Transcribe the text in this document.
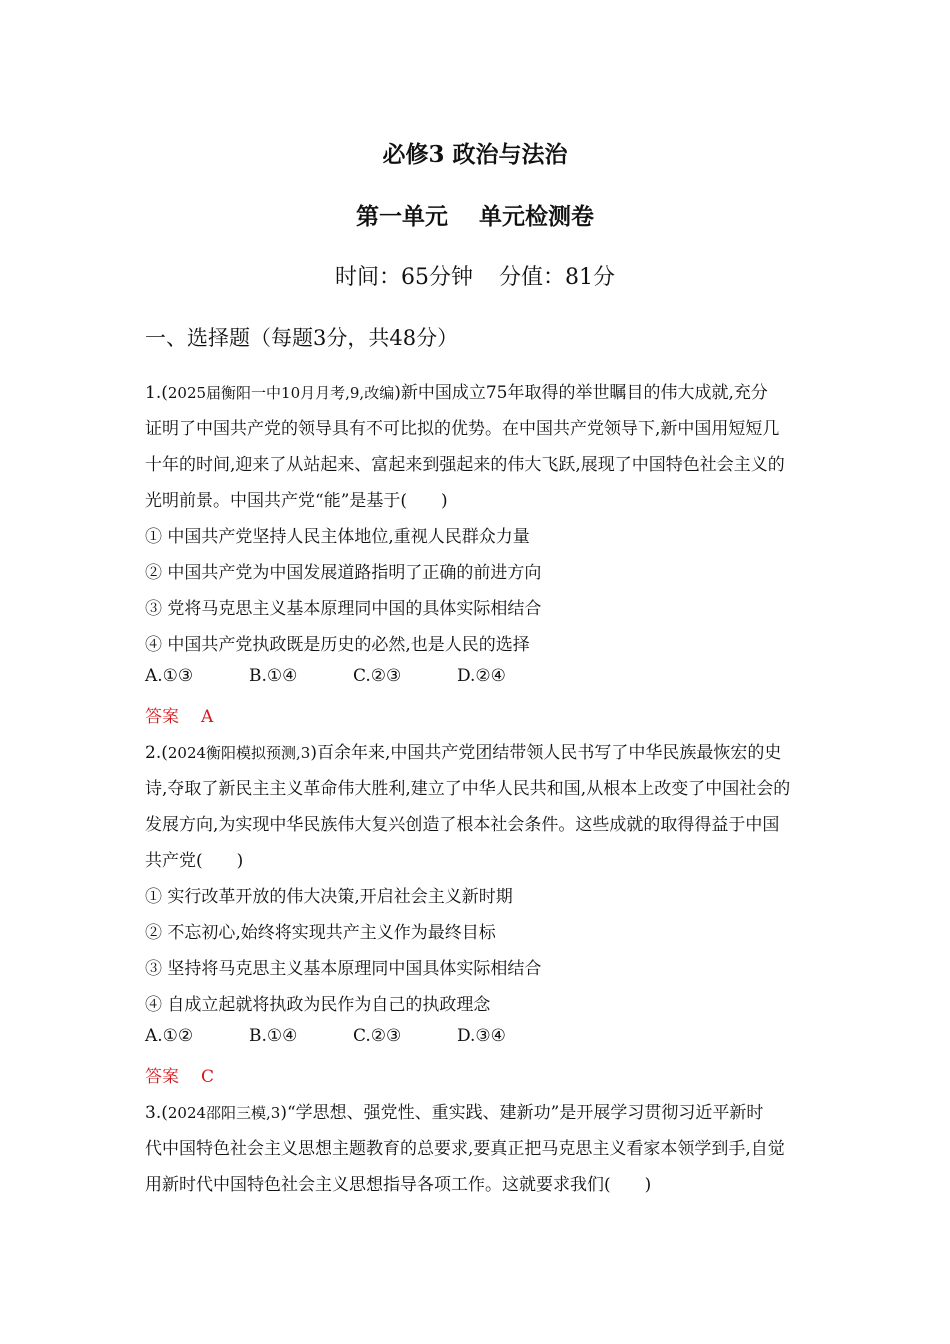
必修3 政治与法治
第一单元　 单元检测卷
时间：65分钟 分值：81分
一、选择题（每题3分，共48分）
1.(2025届衡阳一中10月月考,9,改编)新中国成立75年取得的举世瞩目的伟大成就,充分
证明了中国共产党的领导具有不可比拟的优势。在中国共产党领导下,新中国用短短几
十年的时间,迎来了从站起来、富起来到强起来的伟大飞跃,展现了中国特色社会主义的
光明前景。中国共产党“能”是基于(　　)
① 中国共产党坚持人民主体地位,重视人民群众力量
② 中国共产党为中国发展道路指明了正确的前进方向
③ 党将马克思主义基本原理同中国的具体实际相结合
④ 中国共产党执政既是历史的必然,也是人民的选择
A.①③	B.①④	C.②③	D.②④
答案 A
2.(2024衡阳模拟预测,3)百余年来,中国共产党团结带领人民书写了中华民族最恢宏的史
诗,夺取了新民主主义革命伟大胜利,建立了中华人民共和国,从根本上改变了中国社会的
发展方向,为实现中华民族伟大复兴创造了根本社会条件。这些成就的取得得益于中国
共产党(　　)
① 实行改革开放的伟大决策,开启社会主义新时期
② 不忘初心,始终将实现共产主义作为最终目标
③ 坚持将马克思主义基本原理同中国具体实际相结合
④ 自成立起就将执政为民作为自己的执政理念
A.①②	B.①④	C.②③	D.③④
答案 C
3.(2024邵阳三模,3)“学思想、强党性、重实践、建新功”是开展学习贯彻习近平新时
代中国特色社会主义思想主题教育的总要求,要真正把马克思主义看家本领学到手,自觉
用新时代中国特色社会主义思想指导各项工作。这就要求我们(　　)
